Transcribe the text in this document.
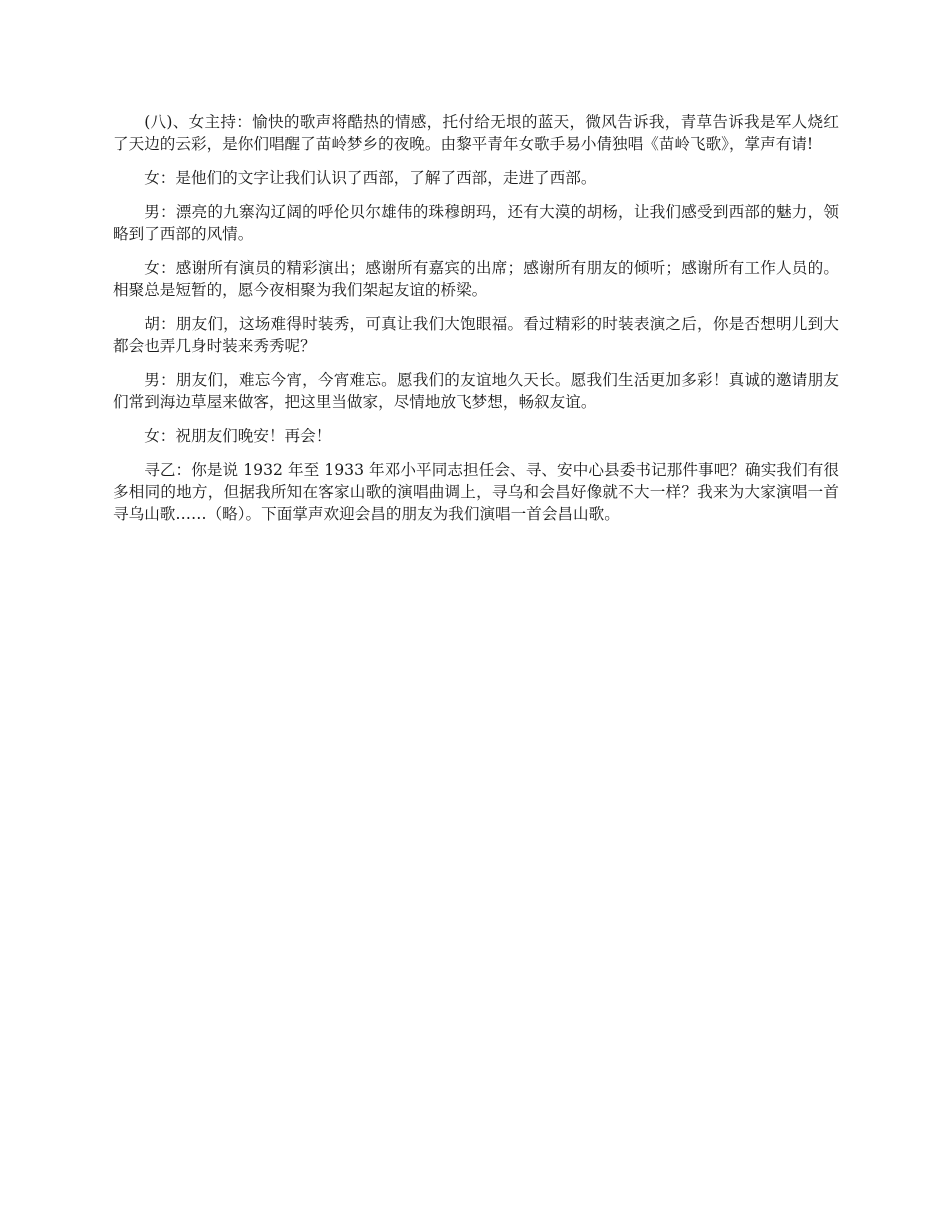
(八)、女主持：愉快的歌声将酷热的情感，托付给无垠的蓝天，微风告诉我，青草告诉我是军人烧红了天边的云彩，是你们唱醒了苗岭梦乡的夜晚。由黎平青年女歌手易小倩独唱《苗岭飞歌》，掌声有请!

女：是他们的文字让我们认识了西部，了解了西部，走进了西部。

男：漂亮的九寨沟辽阔的呼伦贝尔雄伟的珠穆朗玛，还有大漠的胡杨，让我们感受到西部的魅力，领略到了西部的风情。

女：感谢所有演员的精彩演出；感谢所有嘉宾的出席；感谢所有朋友的倾听；感谢所有工作人员的。相聚总是短暂的，愿今夜相聚为我们架起友谊的桥梁。

胡：朋友们，这场难得时装秀，可真让我们大饱眼福。看过精彩的时装表演之后，你是否想明儿到大都会也弄几身时装来秀秀呢？

男：朋友们，难忘今宵，今宵难忘。愿我们的友谊地久天长。愿我们生活更加多彩！真诚的邀请朋友们常到海边草屋来做客，把这里当做家，尽情地放飞梦想，畅叙友谊。

女：祝朋友们晚安！再会！

寻乙：你是说 1932 年至 1933 年邓小平同志担任会、寻、安中心县委书记那件事吧？确实我们有很多相同的地方，但据我所知在客家山歌的演唱曲调上，寻乌和会昌好像就不大一样？我来为大家演唱一首寻乌山歌……（略）。下面掌声欢迎会昌的朋友为我们演唱一首会昌山歌。
